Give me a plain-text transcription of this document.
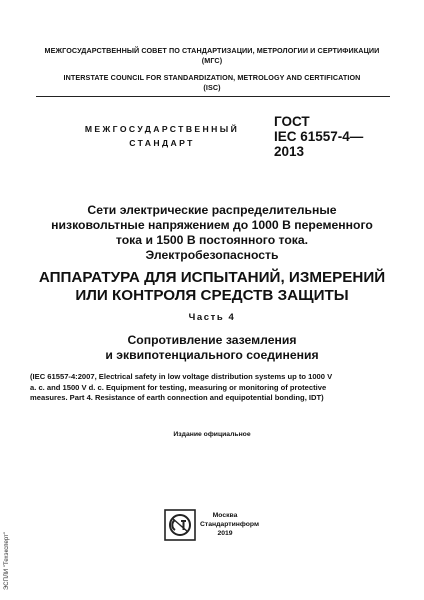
МЕЖГОСУДАРСТВЕННЫЙ СОВЕТ ПО СТАНДАРТИЗАЦИИ, МЕТРОЛОГИИ И СЕРТИФИКАЦИИ
(МГС)
INTERSTATE COUNCIL FOR STANDARDIZATION, METROLOGY AND CERTIFICATION
(ISC)
МЕЖГОСУДАРСТВЕННЫЙ
СТАНДАРТ
ГОСТ
IEC 61557-4—
2013
Сети электрические распределительные
низковольтные напряжением до 1000 В переменного
тока и 1500 В постоянного тока.
Электробезопасность
АППАРАТУРА ДЛЯ ИСПЫТАНИЙ, ИЗМЕРЕНИЙ
ИЛИ КОНТРОЛЯ СРЕДСТВ ЗАЩИТЫ
Часть 4
Сопротивление заземления
и эквипотенциального соединения
(IEC 61557-4:2007, Electrical safety in low voltage distribution systems up to 1000 V
a. c. and 1500 V d. c. Equipment for testing, measuring or monitoring of protective
measures. Part 4. Resistance of earth connection and equipotential bonding, IDT)
Издание официальное
Москва
Стандартинформ
2019
ЭСПЛИ "Техэксперт"
